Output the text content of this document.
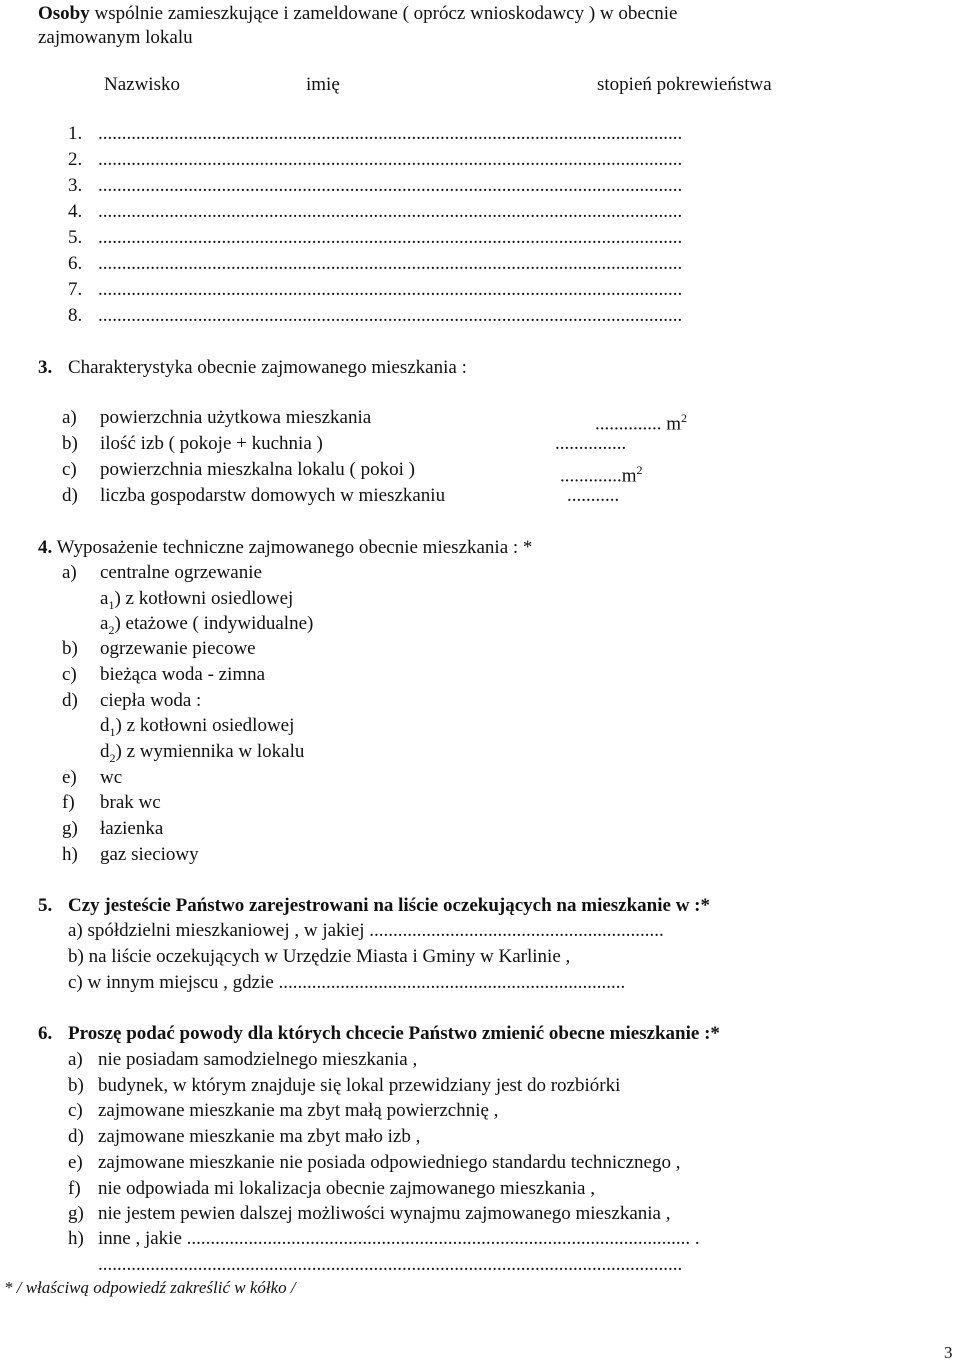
Osoby wspólnie zamieszkujące i zameldowane ( oprócz wnioskodawcy ) w obecnie
zajmowanym lokalu
Nazwisko	imię	stopień pokrewieństwa
1. ...........................................................................................................................
2. ...........................................................................................................................
3. ...........................................................................................................................
4. ...........................................................................................................................
5. ...........................................................................................................................
6. ...........................................................................................................................
7. ...........................................................................................................................
8. ...........................................................................................................................
3. Charakterystyka obecnie zajmowanego mieszkania :
a) powierzchnia użytkowa mieszkania	.............. $m^2$
b) ilość izb ( pokoje + kuchnia )	...............
c) powierzchnia mieszkalna lokalu ( pokoi )	$.............m^2$
d) liczba gospodarstw domowych w mieszkaniu	...........
4. Wyposażenie techniczne zajmowanego obecnie mieszkania : *
a) centralne ogrzewanie
$a_1$) z kotłowni osiedlowej
$a_2$) etażowe ( indywidualne)
b) ogrzewanie piecowe
c) bieżąca woda - zimna
d) ciepła woda :
$d_1$) z kotłowni osiedlowej
$d_2$) z wymiennika w lokalu
e) wc
f) brak wc
g) łazienka
h) gaz sieciowy
5. Czy jesteście Państwo zarejestrowani na liście oczekujących na mieszkanie w :*
a) spółdzielni mieszkaniowej , w jakiej ..............................................................
b) na liście oczekujących w Urzędzie Miasta i Gminy w Karlinie ,
c) w innym miejscu , gdzie .........................................................................
6. Proszę podać powody dla których chcecie Państwo zmienić obecne mieszkanie :*
a) nie posiadam samodzielnego mieszkania ,
b) budynek, w którym znajduje się lokal przewidziany jest do rozbiórki
c) zajmowane mieszkanie ma zbyt małą powierzchnię ,
d) zajmowane mieszkanie ma zbyt mało izb ,
e) zajmowane mieszkanie nie posiada odpowiedniego standardu technicznego ,
f) nie odpowiada mi lokalizacja obecnie zajmowanego mieszkania ,
g) nie jestem pewien dalszej możliwości wynajmu zajmowanego mieszkania ,
h) inne , jakie .......................................................................................................... .
...........................................................................................................................
* / właściwą odpowiedź zakreślić w kółko /
3
